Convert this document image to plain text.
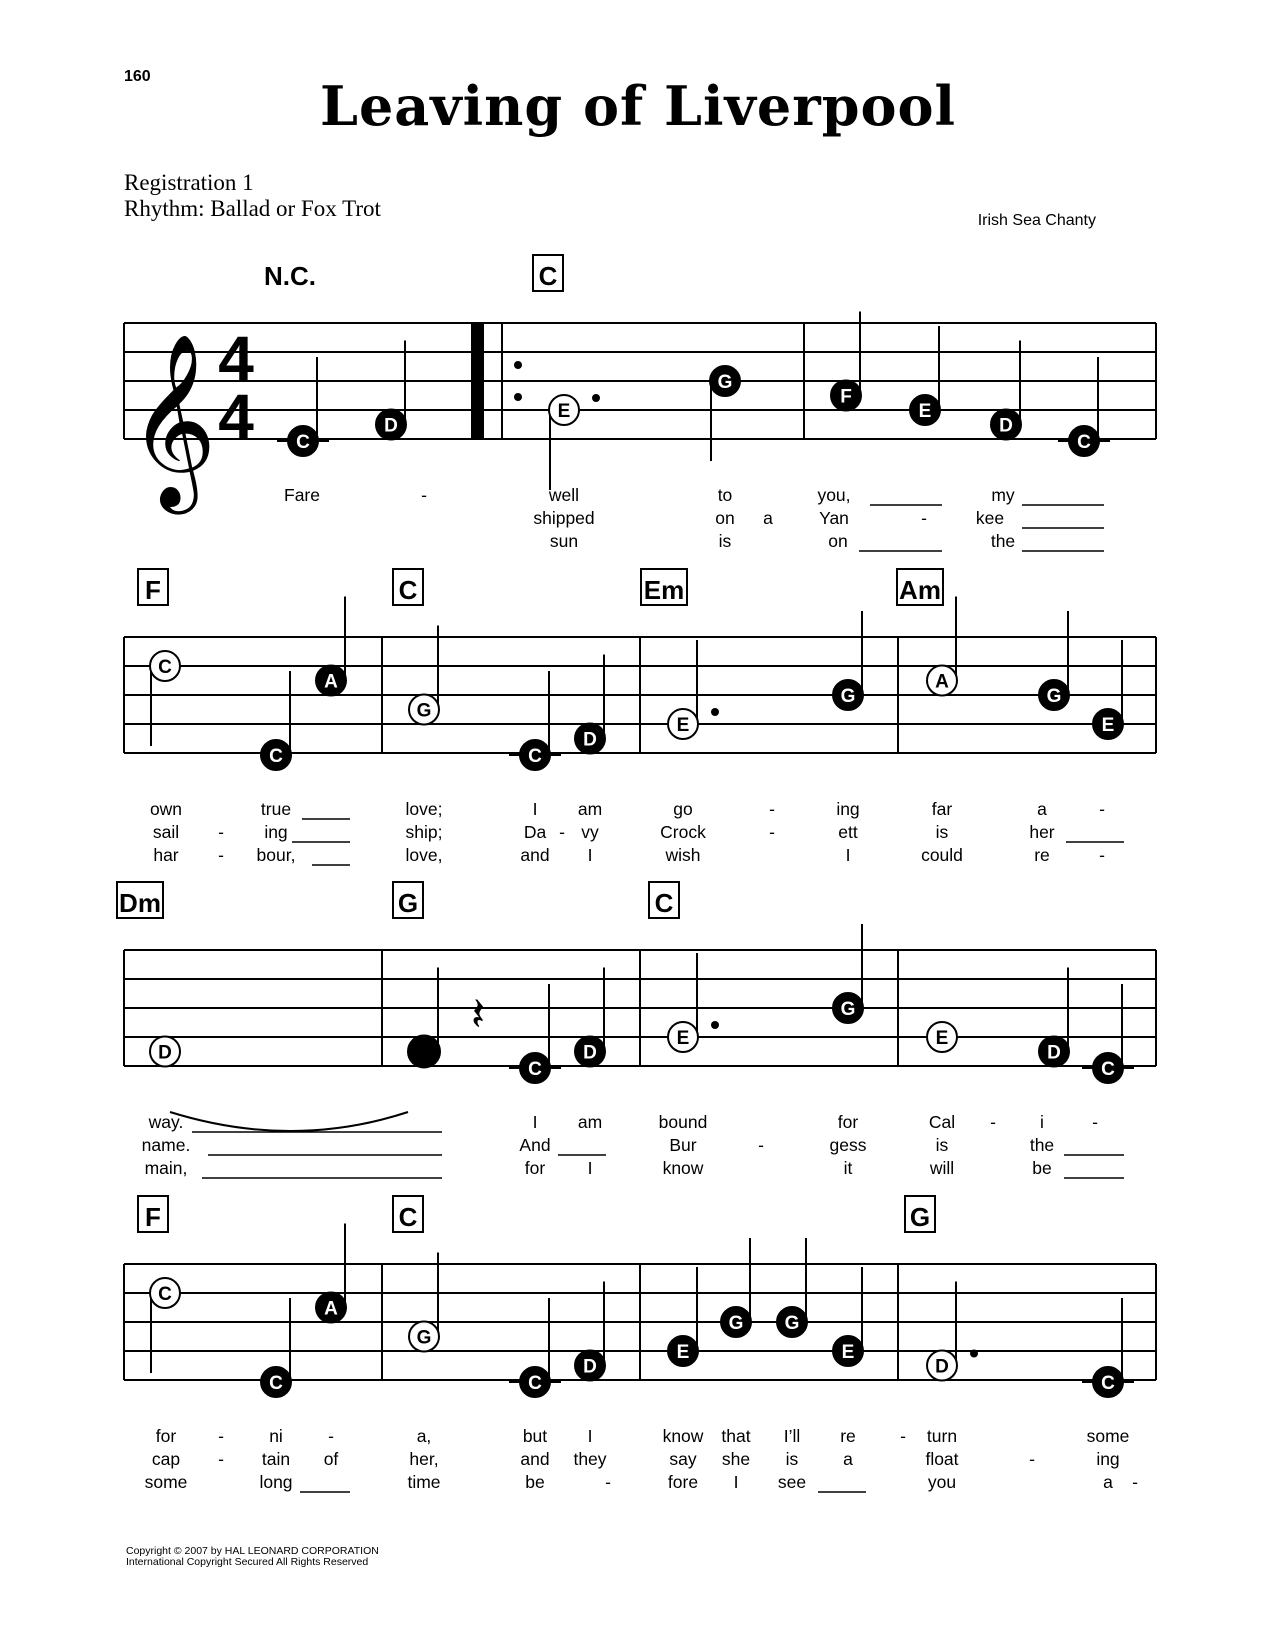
160	Leaving of Liverpool
Registration 1
Rhythm: Ballad or Fox Trot	Irish Sea Chanty
𝄞 4
4
N.C.	C
C
D
E
G
F
E
D
C
Fare	-	well	to	you,	my
shipped	on a	Yan	-	kee
sun	is	on	the
F	C	Em	Am
C
C
A
G
C
D
E
G
A
G
E
own	true	love;	I am	go	-	ing	far	a	-
sail - ing	ship;	Da - vy	Crock	-	ett	is	her
har - bour,	love,	and I	wish	I	could	re	-
Dm	G	C
D
C
D
E
G
E
D
C
𝄽
way.	I am	bound	for	Cal -	i	-
name.	And	Bur	-	gess	is	the
main,	for I	know	it	will	be
F	C	G
C
C
A
G
C
D
E
G G
E
D
C
for -	ni	-	a,	but I	know that I’ll re	- turn	some
cap - tain of	her,	and they	say she is	a	float	-	ing
some	long	time	be	-	fore I see	you	a -
Copyright © 2007 by HAL LEONARD CORPORATION
International Copyright Secured All Rights Reserved
